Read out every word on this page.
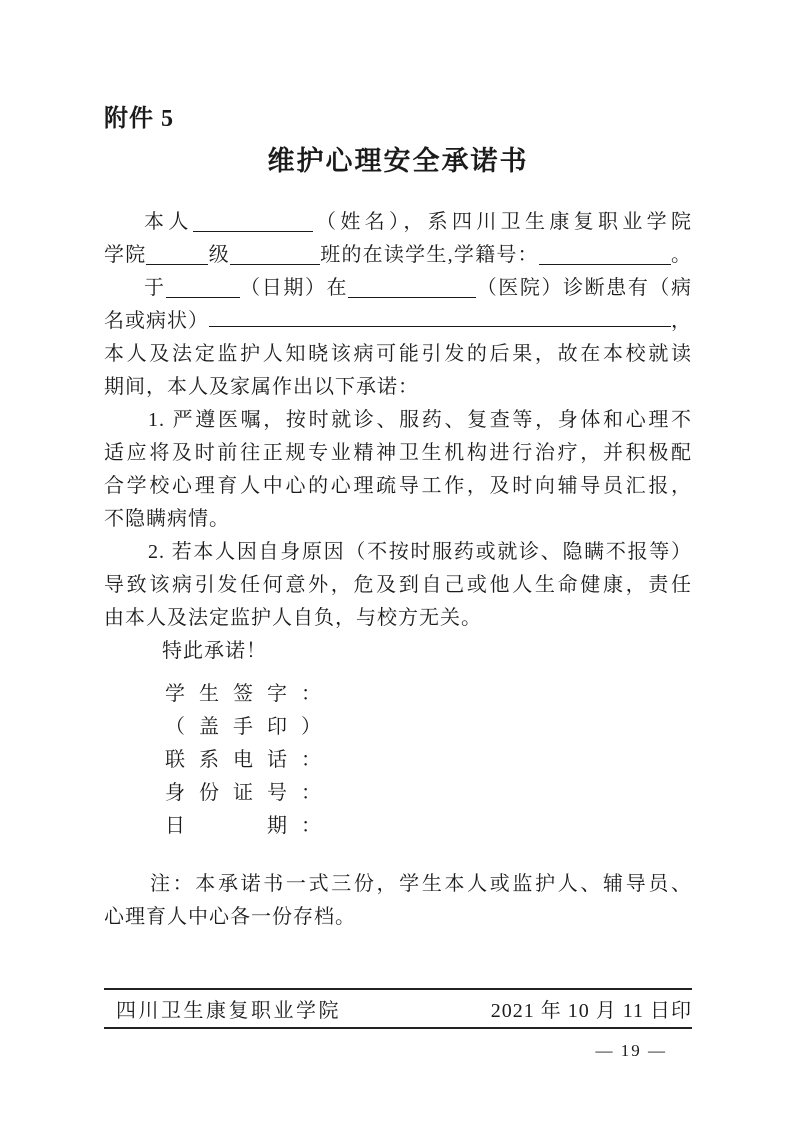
附件 5
维护心理安全承诺书
本人	（姓名），系四川卫生康复职业学院
学院	级	班的在读学生,学籍号：	。
于	（日期）在	（医院）诊断患有（病
名或病状）	，
本人及法定监护人知晓该病可能引发的后果，故在本校就读
期间，本人及家属作出以下承诺：
1. 严遵医嘱，按时就诊、服药、复查等，身体和心理不
适应将及时前往正规专业精神卫生机构进行治疗，并积极配
合学校心理育人中心的心理疏导工作，及时向辅导员汇报，
不隐瞒病情。
2. 若本人因自身原因（不按时服药或就诊、隐瞒不报等）
导致该病引发任何意外，危及到自己或他人生命健康，责任
由本人及法定监护人自负，与校方无关。
特此承诺！
学生签字：
（盖手印）
联系电话：
身份证号：
日　　期：
注：本承诺书一式三份，学生本人或监护人、辅导员、
心理育人中心各一份存档。
四川卫生康复职业学院	2021 年 10 月 11 日印
— 19 —
